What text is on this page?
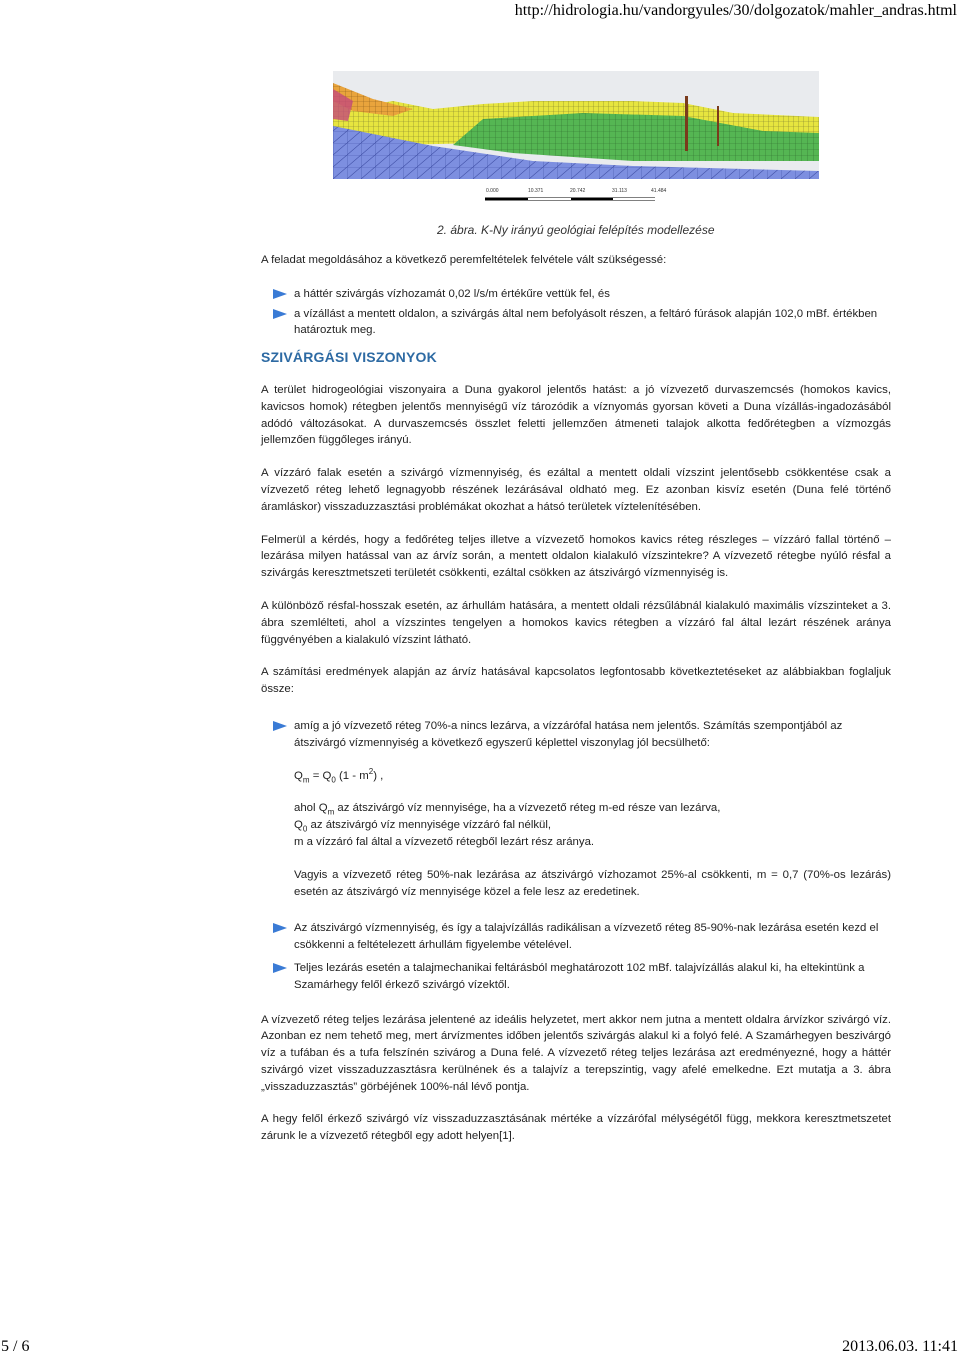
http://hidrologia.hu/vandorgyules/30/dolgozatok/mahler_andras.html
0.000	10.371	20.742	31.113	41.484
2. ábra. K-Ny irányú geológiai felépítés modellezése

A feladat megoldásához a következő peremfeltételek felvétele vált szükségessé:

a háttér szivárgás vízhozamát 0,02 l/s/m értékűre vettük fel, és
a vízállást a mentett oldalon, a szivárgás által nem befolyásolt részen, a feltáró fúrások alapján 102,0 mBf. értékben határoztuk meg.
SZIVÁRGÁSI VISZONYOK

A terület hidrogeológiai viszonyaira a Duna gyakorol jelentős hatást: a jó vízvezető durvaszemcsés (homokos kavics, kavicsos homok) rétegben jelentős mennyiségű víz tározódik a víznyomás gyorsan követi a Duna vízállás-ingadozásából adódó változásokat. A durvaszemcsés összlet feletti jellemzően átmeneti talajok alkotta fedőrétegben a vízmozgás jellemzően függőleges irányú.

A vízzáró falak esetén a szivárgó vízmennyiség, és ezáltal a mentett oldali vízszint jelentősebb csökkentése csak a vízvezető réteg lehető legnagyobb részének lezárásával oldható meg. Ez azonban kisvíz esetén (Duna felé történő áramláskor) visszaduzzasztási problémákat okozhat a hátsó területek víztelenítésében.

Felmerül a kérdés, hogy a fedőréteg teljes illetve a vízvezető homokos kavics réteg részleges – vízzáró fallal történő – lezárása milyen hatással van az árvíz során, a mentett oldalon kialakuló vízszintekre? A vízvezető rétegbe nyúló résfal a szivárgás keresztmetszeti területét csökkenti, ezáltal csökken az átszivárgó vízmennyiség is.

A különböző résfal-hosszak esetén, az árhullám hatására, a mentett oldali rézsűlábnál kialakuló maximális vízszinteket a 3. ábra szemlélteti, ahol a vízszintes tengelyen a homokos kavics rétegben a vízzáró fal által lezárt részének aránya függvényében a kialakuló vízszint látható.

A számítási eredmények alapján az árvíz hatásával kapcsolatos legfontosabb következtetéseket az alábbiakban foglaljuk össze:

amíg a jó vízvezető réteg 70%-a nincs lezárva, a vízzárófal hatása nem jelentős. Számítás szempontjából az átszivárgó vízmennyiség a következő egyszerű képlettel viszonylag jól becsülhető:
$Q_m = Q_0$ $(1 - m^2)$ ,
ahol $Q_m$ az átszivárgó víz mennyisége, ha a vízvezető réteg m-ed része van lezárva,
$Q_0$ az átszivárgó víz mennyisége vízzáró fal nélkül,
m a vízzáró fal által a vízvezető rétegből lezárt rész aránya.

Vagyis a vízvezető réteg 50%-nak lezárása az átszivárgó vízhozamot 25%-al csökkenti, m = 0,7 (70%-os lezárás) esetén az átszivárgó víz mennyisége közel a fele lesz az eredetinek.

Az átszivárgó vízmennyiség, és így a talajvízállás radikálisan a vízvezető réteg 85-90%-nak lezárása esetén kezd el csökkenni a feltételezett árhullám figyelembe vételével.
Teljes lezárás esetén a talajmechanikai feltárásból meghatározott 102 mBf. talajvízállás alakul ki, ha eltekintünk a Szamárhegy felől érkező szivárgó vízektől.

A vízvezető réteg teljes lezárása jelentené az ideális helyzetet, mert akkor nem jutna a mentett oldalra árvízkor szivárgó víz. Azonban ez nem tehető meg, mert árvízmentes időben jelentős szivárgás alakul ki a folyó felé. A Szamárhegyen beszivárgó víz a tufában és a tufa felszínén szivárog a Duna felé. A vízvezető réteg teljes lezárása azt eredményezné, hogy a háttér szivárgó vizet visszaduzzasztásra kerülnének és a talajvíz a terepszintig, vagy afelé emelkedne. Ezt mutatja a 3. ábra „visszaduzzasztás” görbéjének 100%-nál lévő pontja.

A hegy felől érkező szivárgó víz visszaduzzasztásának mértéke a vízzárófal mélységétől függ, mekkora keresztmetszetet zárunk le a vízvezető rétegből egy adott helyen[1].

5 / 6	2013.06.03. 11:41
